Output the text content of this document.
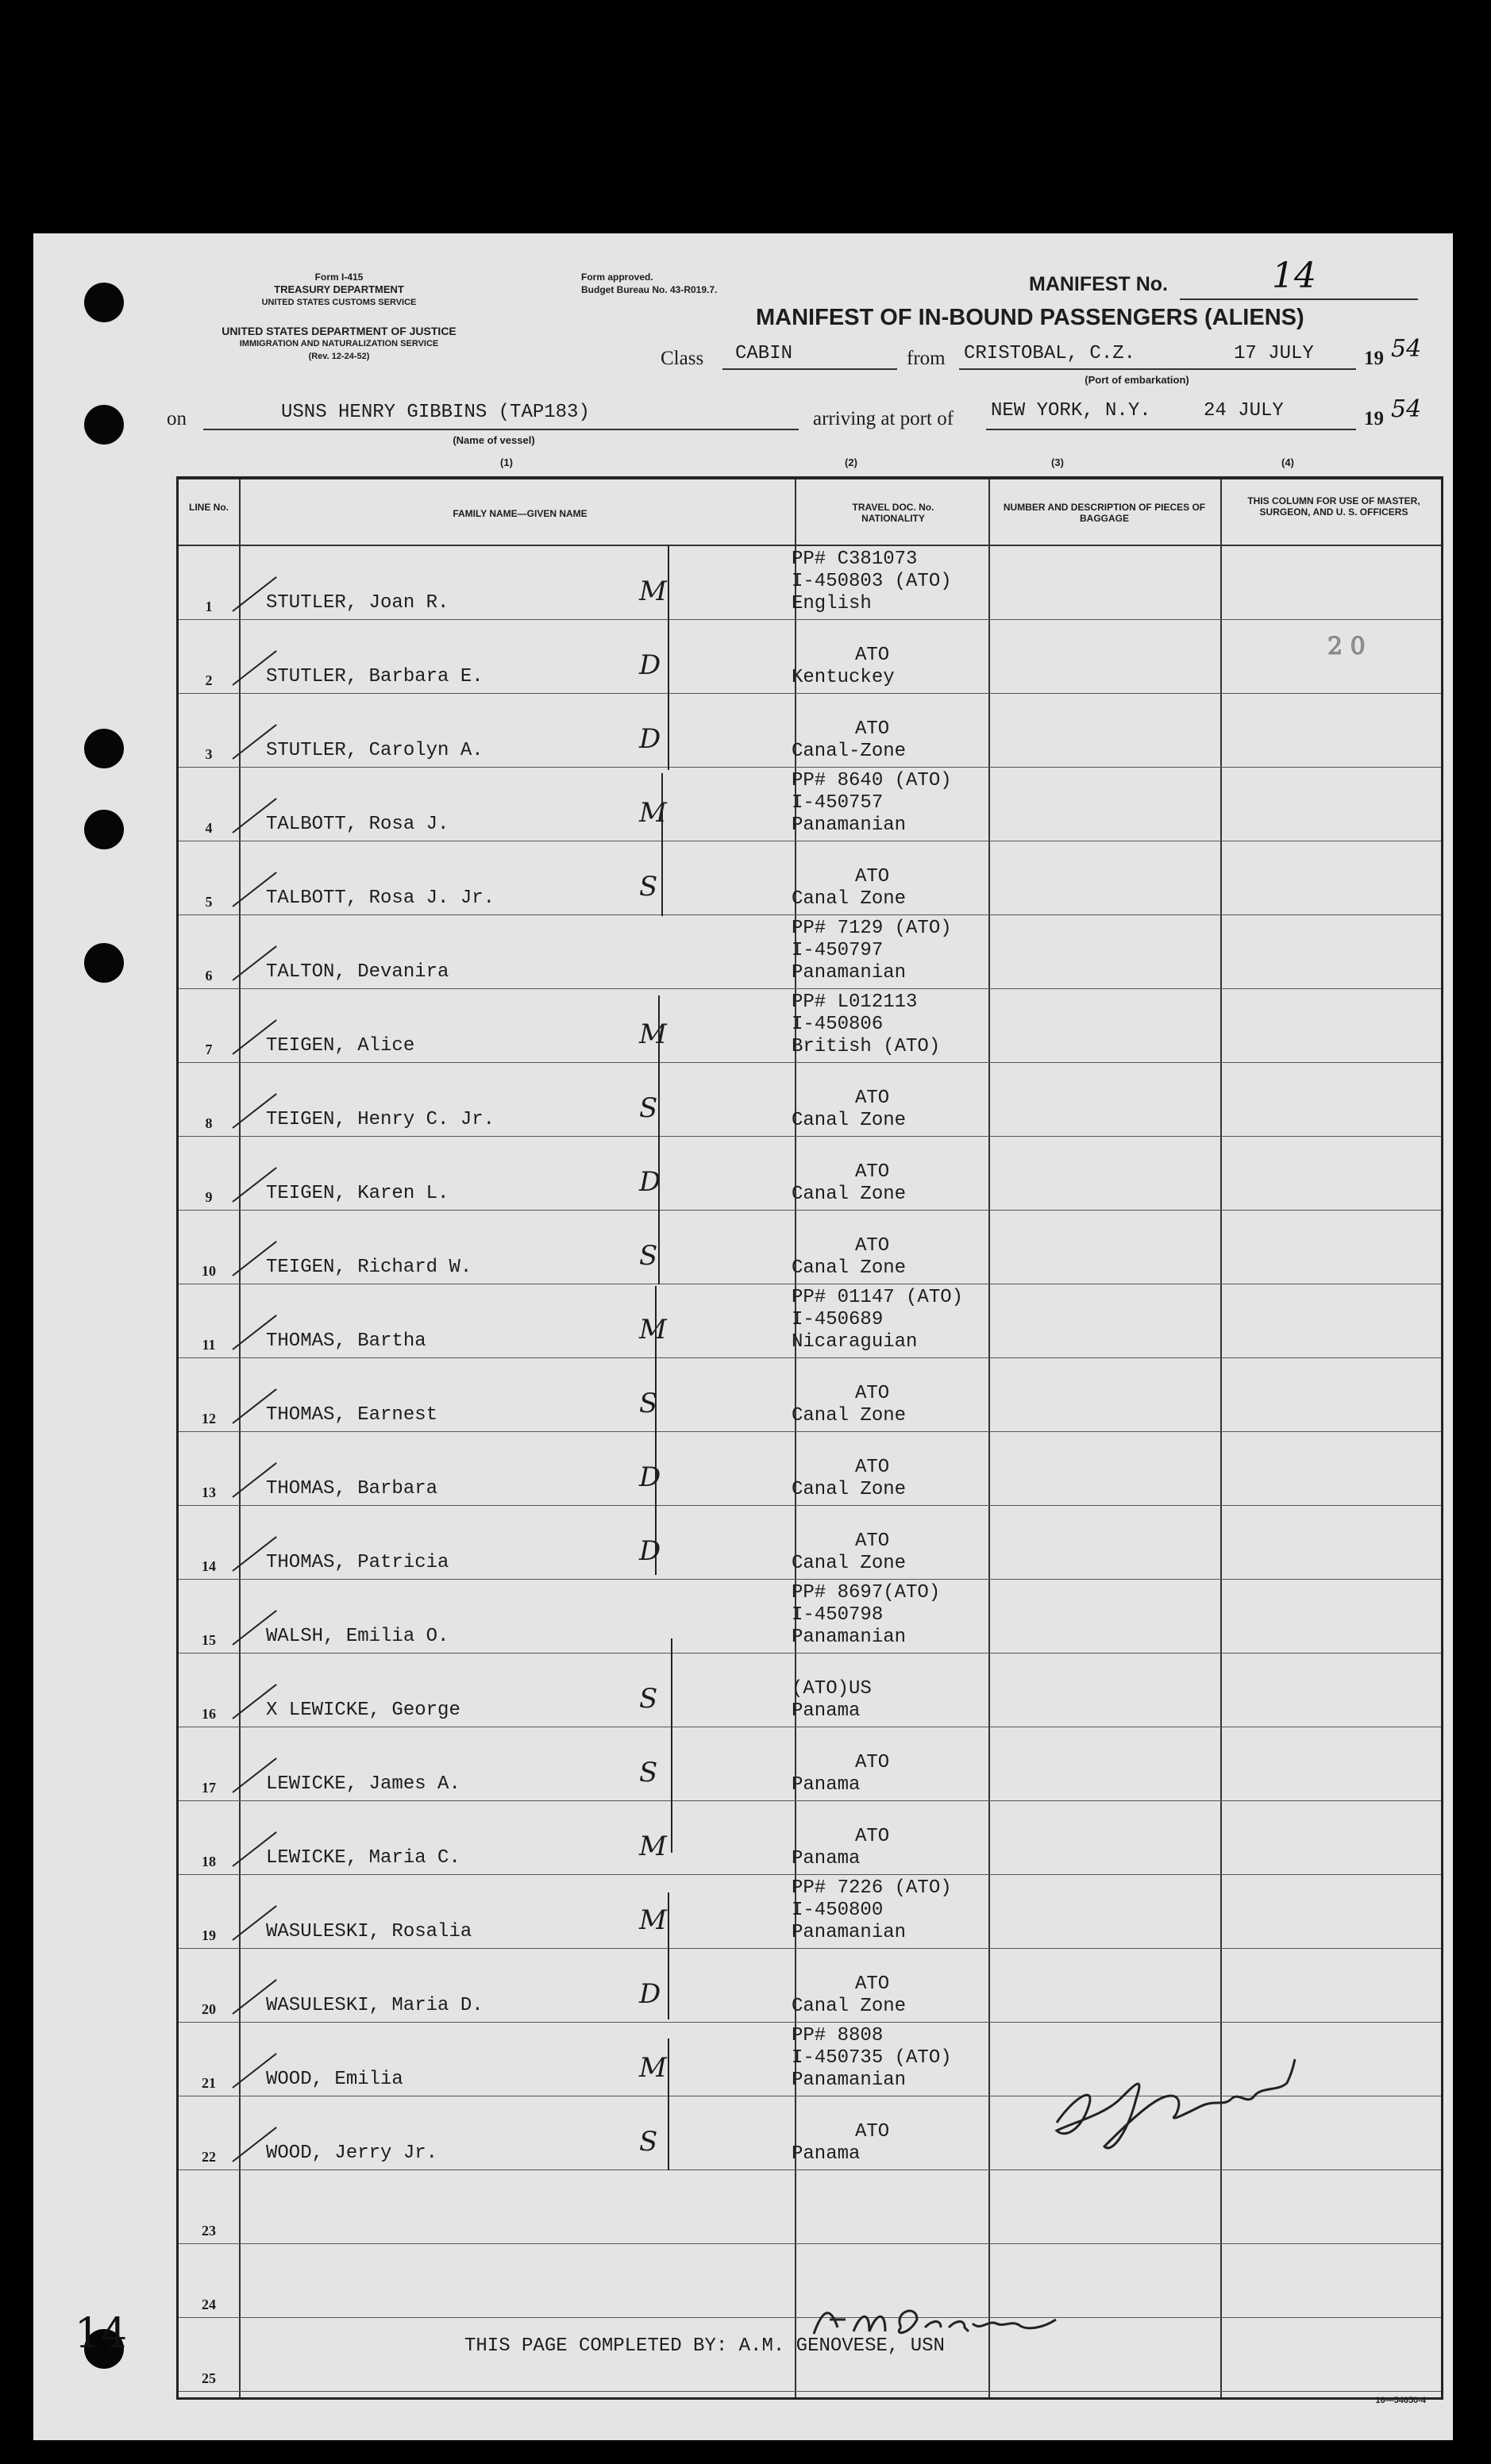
Form I-415
TREASURY DEPARTMENT
UNITED STATES CUSTOMS SERVICE
UNITED STATES DEPARTMENT OF JUSTICE
IMMIGRATION AND NATURALIZATION SERVICE
(Rev. 12-24-52)
Form approved.
Budget Bureau No. 43-R019.7.	MANIFEST No.	14
MANIFEST OF IN-BOUND PASSENGERS (ALIENS)
Class CABIN	from CRISTOBAL, C.Z.	17 JULY	19 54
(Port of embarkation)
on	USNS HENRY GIBBINS (TAP183)
(Name of vessel)
arriving at port of NEW YORK, N.Y.	24 JULY	19 54
(1)	(2)	(3)	(4)
LINE No.
FAMILY NAME—GIVEN NAME
TRAVEL DOC. No. NATIONALITY
NUMBER AND DESCRIPTION OF PIECES OF BAGGAGE
THIS COLUMN FOR USE OF MASTER, SURGEON, AND U. S. OFFICERS
1	STUTLER, Joan R.	M
PP# C381073
I-450803 (ATO)
English
2	STUTLER, Barbara E.	D	ATO
Kentuckey
3	STUTLER, Carolyn A.	D	ATO
Canal-Zone
4	TALBOTT, Rosa J.	M
PP# 8640 (ATO)
I-450757
Panamanian
5	TALBOTT, Rosa J. Jr.	S	ATO
Canal Zone
6	TALTON, Devanira
PP# 7129 (ATO)
I-450797
Panamanian
7	TEIGEN, Alice	M
PP# L012113
I-450806
British (ATO)
8	TEIGEN, Henry C. Jr.	S	ATO
Canal Zone
9	TEIGEN, Karen L.	D	ATO
Canal Zone
10	TEIGEN, Richard W.	S	ATO
Canal Zone
11	THOMAS, Bartha	M
PP# 01147 (ATO)
I-450689
Nicaraguian
12	THOMAS, Earnest	S	ATO
Canal Zone
13	THOMAS, Barbara	D	ATO
Canal Zone
14	THOMAS, Patricia	D	ATO
Canal Zone
15	WALSH, Emilia O.
PP# 8697(ATO)
I-450798
Panamanian
16	X LEWICKE, George	S	(ATO)US
Panama
17	LEWICKE, James A.	S	ATO
Panama
18	LEWICKE, Maria C.	M	ATO
Panama
19	WASULESKI, Rosalia	M
PP# 7226 (ATO)
I-450800
Panamanian
20	WASULESKI, Maria D.	D	ATO
Canal Zone
21	WOOD, Emilia	M
PP# 8808
I-450735 (ATO)
Panamanian
22	WOOD, Jerry Jr.	S	ATO
Panama
23
24
25
THIS PAGE COMPLETED BY: A.M. GENOVESE, USN
2 0
14
16—54650-4
